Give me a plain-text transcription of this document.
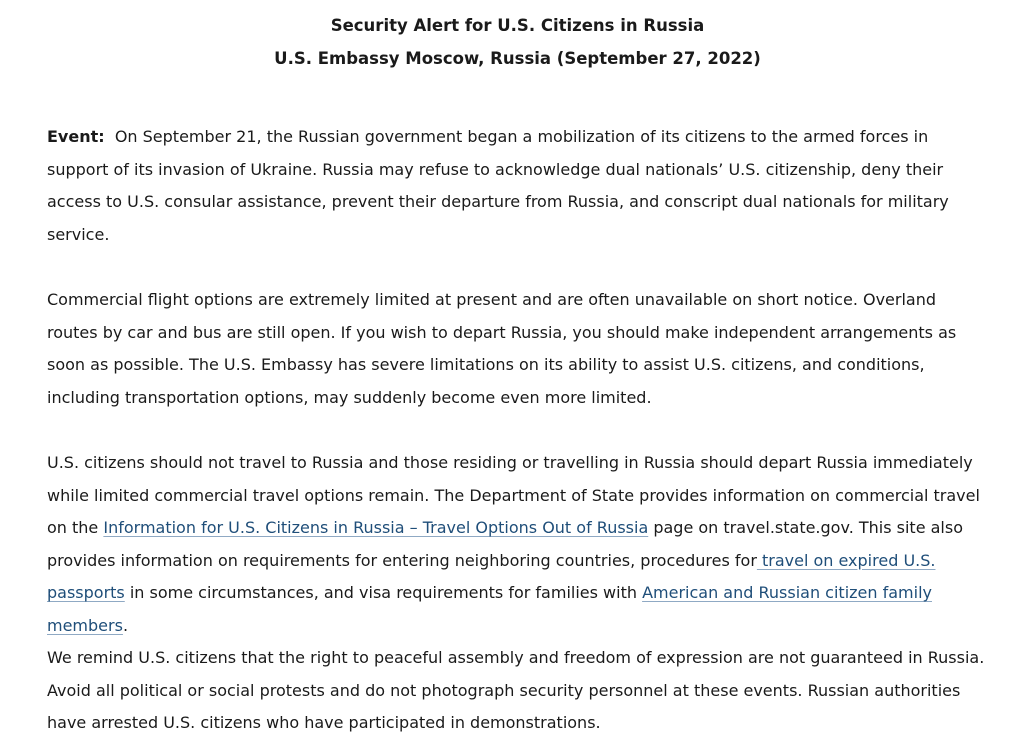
Security Alert for U.S. Citizens in Russia
U.S. Embassy Moscow, Russia (September 27, 2022)

Event: On September 21, the Russian government began a mobilization of its citizens to the armed forces in support of its invasion of Ukraine. Russia may refuse to acknowledge dual nationals’ U.S. citizenship, deny their access to U.S. consular assistance, prevent their departure from Russia, and conscript dual nationals for military service.

Commercial flight options are extremely limited at present and are often unavailable on short notice. Overland routes by car and bus are still open. If you wish to depart Russia, you should make independent arrangements as soon as possible. The U.S. Embassy has severe limitations on its ability to assist U.S. citizens, and conditions, including transportation options, may suddenly become even more limited.

U.S. citizens should not travel to Russia and those residing or travelling in Russia should depart Russia immediately while limited commercial travel options remain. The Department of State provides information on commercial travel on the Information for U.S. Citizens in Russia – Travel Options Out of Russia page on travel.state.gov. This site also provides information on requirements for entering neighboring countries, procedures for travel on expired U.S. passports in some circumstances, and visa requirements for families with American and Russian citizen family members.

We remind U.S. citizens that the right to peaceful assembly and freedom of expression are not guaranteed in Russia. Avoid all political or social protests and do not photograph security personnel at these events. Russian authorities have arrested U.S. citizens who have participated in demonstrations.
